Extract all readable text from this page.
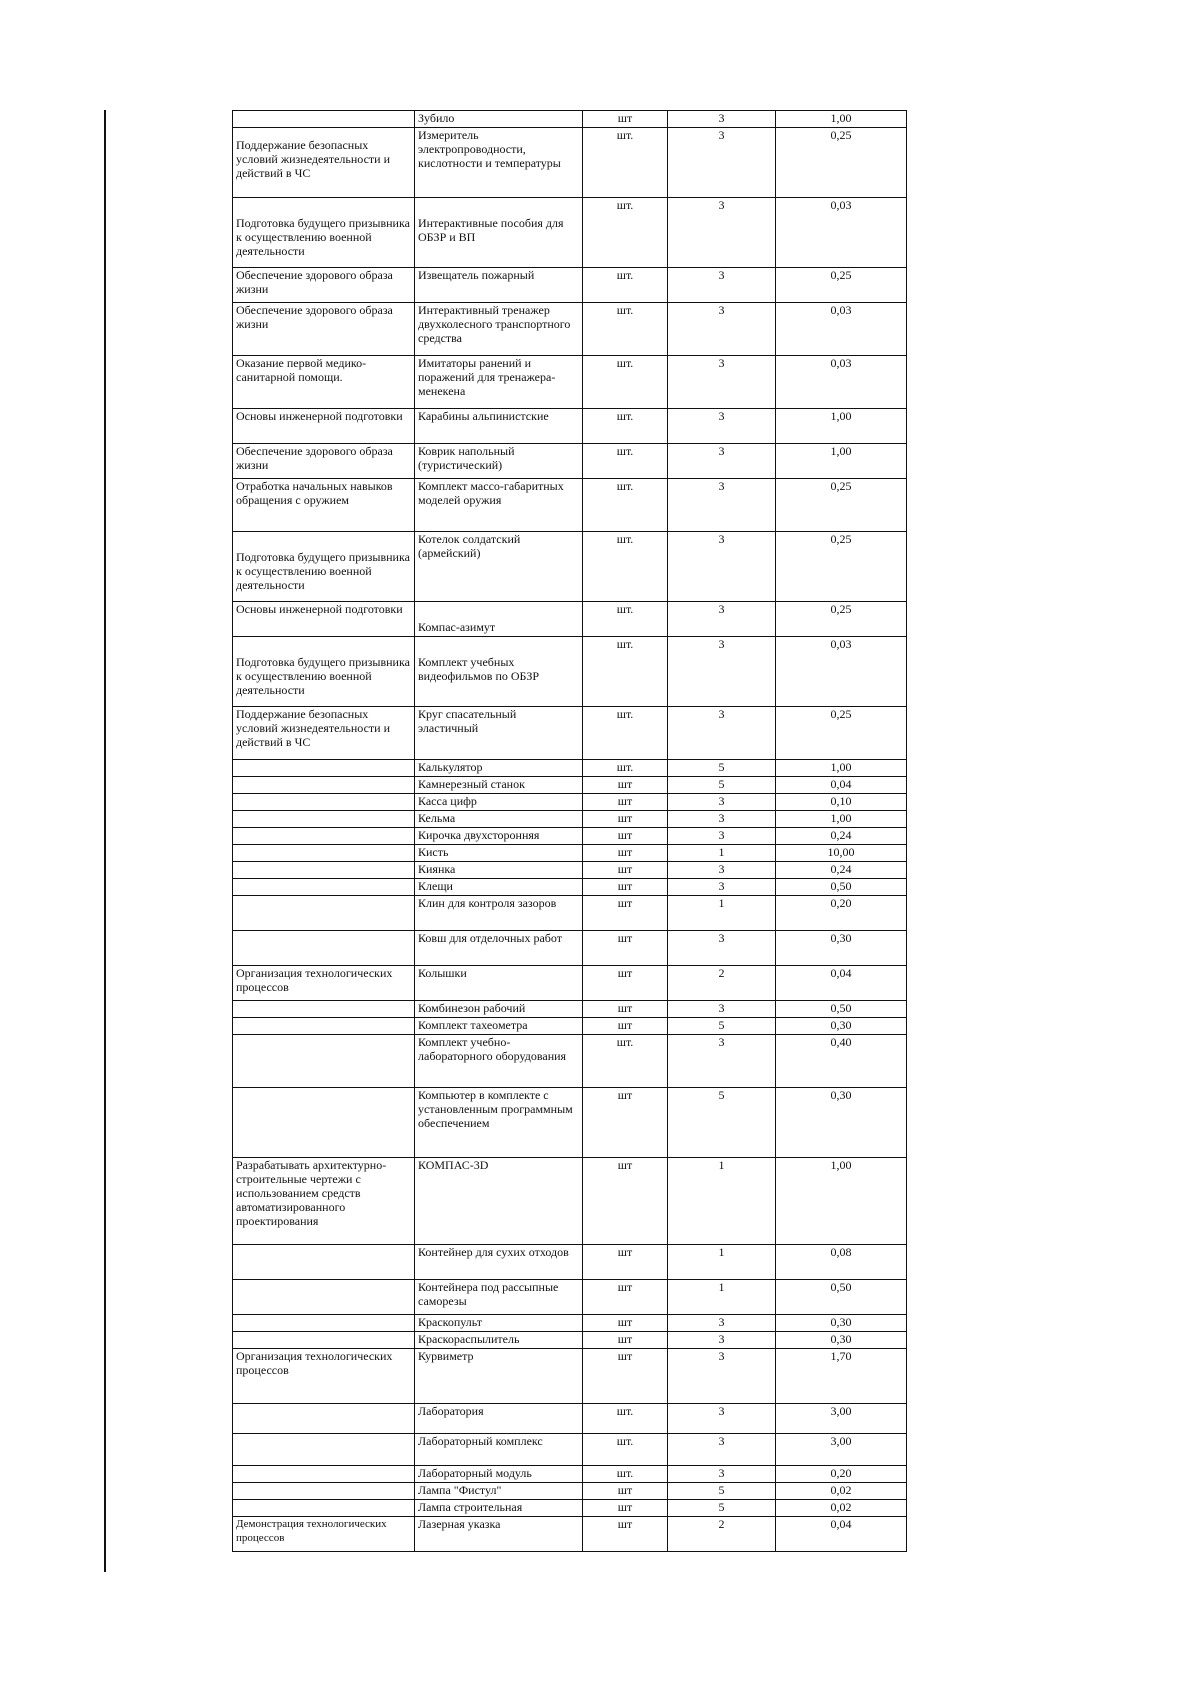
	Зубило	шт	3	1,00
Поддержание безопасных условий жизнедеятельности и действий в ЧС	Измеритель электропроводности, кислотности и температуры	шт.	3	0,25
Подготовка будущего призывника к осуществлению военной деятельности	Интерактивные пособия для ОБЗР и ВП	шт.	3	0,03
Обеспечение здорового образа жизни	Извещатель пожарный	шт.	3	0,25
Обеспечение здорового образа жизни	Интерактивный тренажер двухколесного транспортного средства	шт.	3	0,03
Оказание первой медико-санитарной помощи.	Имитаторы ранений и поражений для тренажера-менекена	шт.	3	0,03
Основы инженерной подготовки	Карабины альпинистские	шт.	3	1,00
Обеспечение здорового образа жизни	Коврик напольный (туристический)	шт.	3	1,00
Отработка начальных навыков обращения с оружием	Комплект массо-габаритных моделей оружия	шт.	3	0,25
Подготовка будущего призывника к осуществлению военной деятельности	Котелок солдатский (армейский)	шт.	3	0,25
Основы инженерной подготовки	Компас-азимут	шт.	3	0,25
Подготовка будущего призывника к осуществлению военной деятельности	Комплект учебных видеофильмов по ОБЗР	шт.	3	0,03
Поддержание безопасных условий жизнедеятельности и действий в ЧС	Круг спасательный эластичный	шт.	3	0,25
	Калькулятор	шт.	5	1,00
	Камнерезный станок	шт	5	0,04
	Касса цифр	шт	3	0,10
	Кельма	шт	3	1,00
	Кирочка двухсторонняя	шт	3	0,24
	Кисть	шт	1	10,00
	Киянка	шт	3	0,24
	Клещи	шт	3	0,50
	Клин для контроля зазоров	шт	1	0,20
	Ковш для отделочных работ	шт	3	0,30
Организация технологических процессов	Колышки	шт	2	0,04
	Комбинезон рабочий	шт	3	0,50
	Комплект тахеометра	шт	5	0,30
	Комплект учебно-лабораторного оборудования	шт.	3	0,40
	Компьютер в комплекте с установленным программным обеспечением	шт	5	0,30
Разрабатывать архитектурно-строительные чертежи с использованием средств автоматизированного проектирования	КОМПАС-3D	шт	1	1,00
	Контейнер для сухих отходов	шт	1	0,08
	Контейнера под рассыпные саморезы	шт	1	0,50
	Краскопульт	шт	3	0,30
	Краскораспылитель	шт	3	0,30
Организация технологических процессов	Курвиметр	шт	3	1,70
	Лаборатория	шт.	3	3,00
	Лабораторный комплекс	шт.	3	3,00
	Лабораторный модуль	шт.	3	0,20
	Лампа "Фистул"	шт	5	0,02
	Лампа строительная	шт	5	0,02
Демонстрация технологических процессов	Лазерная указка	шт	2	0,04
